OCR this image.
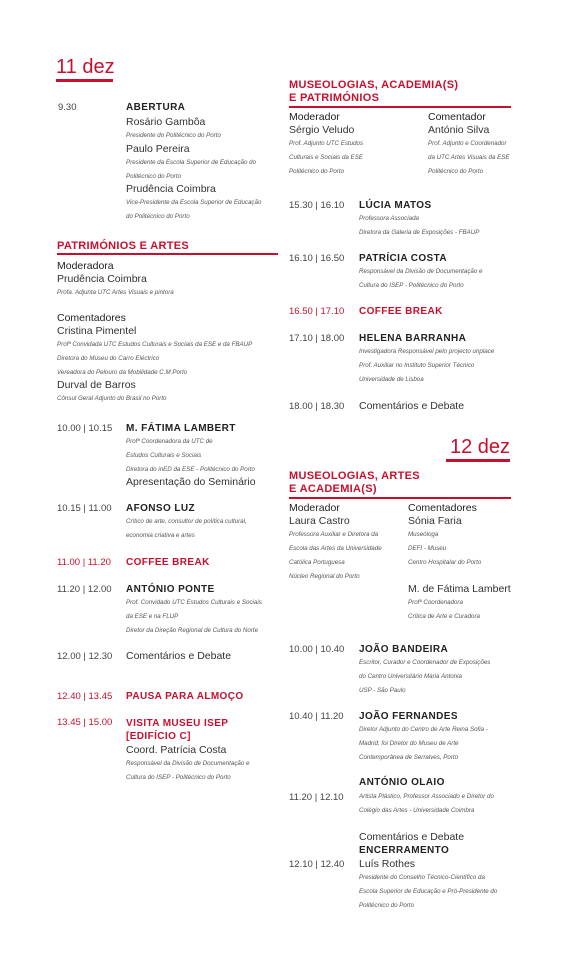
11 dez
9.30	ABERTURA
Rosário Gambôa
Presidente do Politécnico do Porto
Paulo Pereira
Presidente da Escola Superior de Educação do
Politécnico do Porto
Prudência Coimbra
Vice-Presidente da Escola Superior de Educação
do Politécnico do Porto
PATRIMÓNIOS E ARTES
Moderadora
Prudência Coimbra
Profa. Adjunta UTC Artes Visuais e pintora
Comentadores
Cristina Pimentel
Profª Convidada UTC Estudos Culturais e Sociais da ESE e da FBAUP
Diretora do Museu do Carro Eléctrico
Vereadora do Pelouro da Mobilidade C.M.Porto
Durval de Barros
Cônsul Geral Adjunto do Brasil no Porto
10.00 | 10.15 M. FÁTIMA LAMBERT
Profª Coordenadora da UTC de
Estudos Culturais e Sociais
Diretora do inED da ESE - Politécnico do Porto
Apresentação do Seminário
10.15 | 11.00 AFONSO LUZ
Crítico de arte, consultor de política cultural,
economia criativa e artes
11.00 | 11.20 COFFEE BREAK
11.20 | 12.00 ANTÓNIO PONTE
Prof. Convidado UTC Estudos Culturais e Sociais
da ESE e na FLUP
Diretor da Direção Regional de Cultura do Norte
12.00 | 12.30 Comentários e Debate
12.40 | 13.45 PAUSA PARA ALMOÇO
13.45 | 15.00 VISITA MUSEU ISEP
[EDIFÍCIO C]
Coord. Patrícia Costa
Responsável da Divisão de Documentação e
Cultura do ISEP - Politécnico do Porto
MUSEOLOGIAS, ACADEMIA(S)
E PATRIMÓNIOS
Moderador
Sérgio Veludo
Prof. Adjunto UTC Estudos
Culturais e Sociais da ESE
Politécnico do Porto
Comentador
António Silva
Prof. Adjunto e Coordenador
da UTC Artes Visuais da ESE
Politécnico do Porto
15.30 | 16.10 LÚCIA MATOS
Professora Associada
Diretora da Galeria de Exposições - FBAUP
16.10 | 16.50 PATRÍCIA COSTA
Responsável da Divisão de Documentação e
Cultura do ISEP - Politécnico do Porto
16.50 | 17.10 COFFEE BREAK
17.10 | 18.00 HELENA BARRANHA
Investigadora Responsável pelo projecto unplace
Prof. Auxiliar no Instituto Superior Técnico
Universidade de Lisboa
18.00 | 18.30 Comentários e Debate
12 dez
MUSEOLOGIAS, ARTES
E ACADEMIA(S)
Moderador
Laura Castro
Professora Auxiliar e Diretora da
Escola das Artes da Universidade
Católica Portuguesa
Núcleo Regional do Porto
Comentadores
Sónia Faria
Museóloga
DEFI - Museu
Centro Hospitalar do Porto
M. de Fátima Lambert
Profª Coordenadora
Crítica de Arte e Curadora
10.00 | 10.40 JOÃO BANDEIRA
Escritor, Curador e Coordenador de Exposições
do Centro Universitário Maria Antonia
USP - São Paulo
10.40 | 11.20 JOÃO FERNANDES
Diretor Adjunto do Centro de Arte Reina Sofia -
Madrid; foi Diretor do Museu de Arte
Contemporânea de Serralves, Porto
ANTÓNIO OLAIO
11.20 | 12.10 Artista Plástico, Professor Associado e Diretor do
Colégio das Artes - Universidade Coimbra
Comentários e Debate
ENCERRAMENTO
12.10 | 12.40 Luís Rothes
Presidente do Conselho Técnico-Científico da
Escola Superior de Educação e Pró-Presidente do
Politécnico do Porto
